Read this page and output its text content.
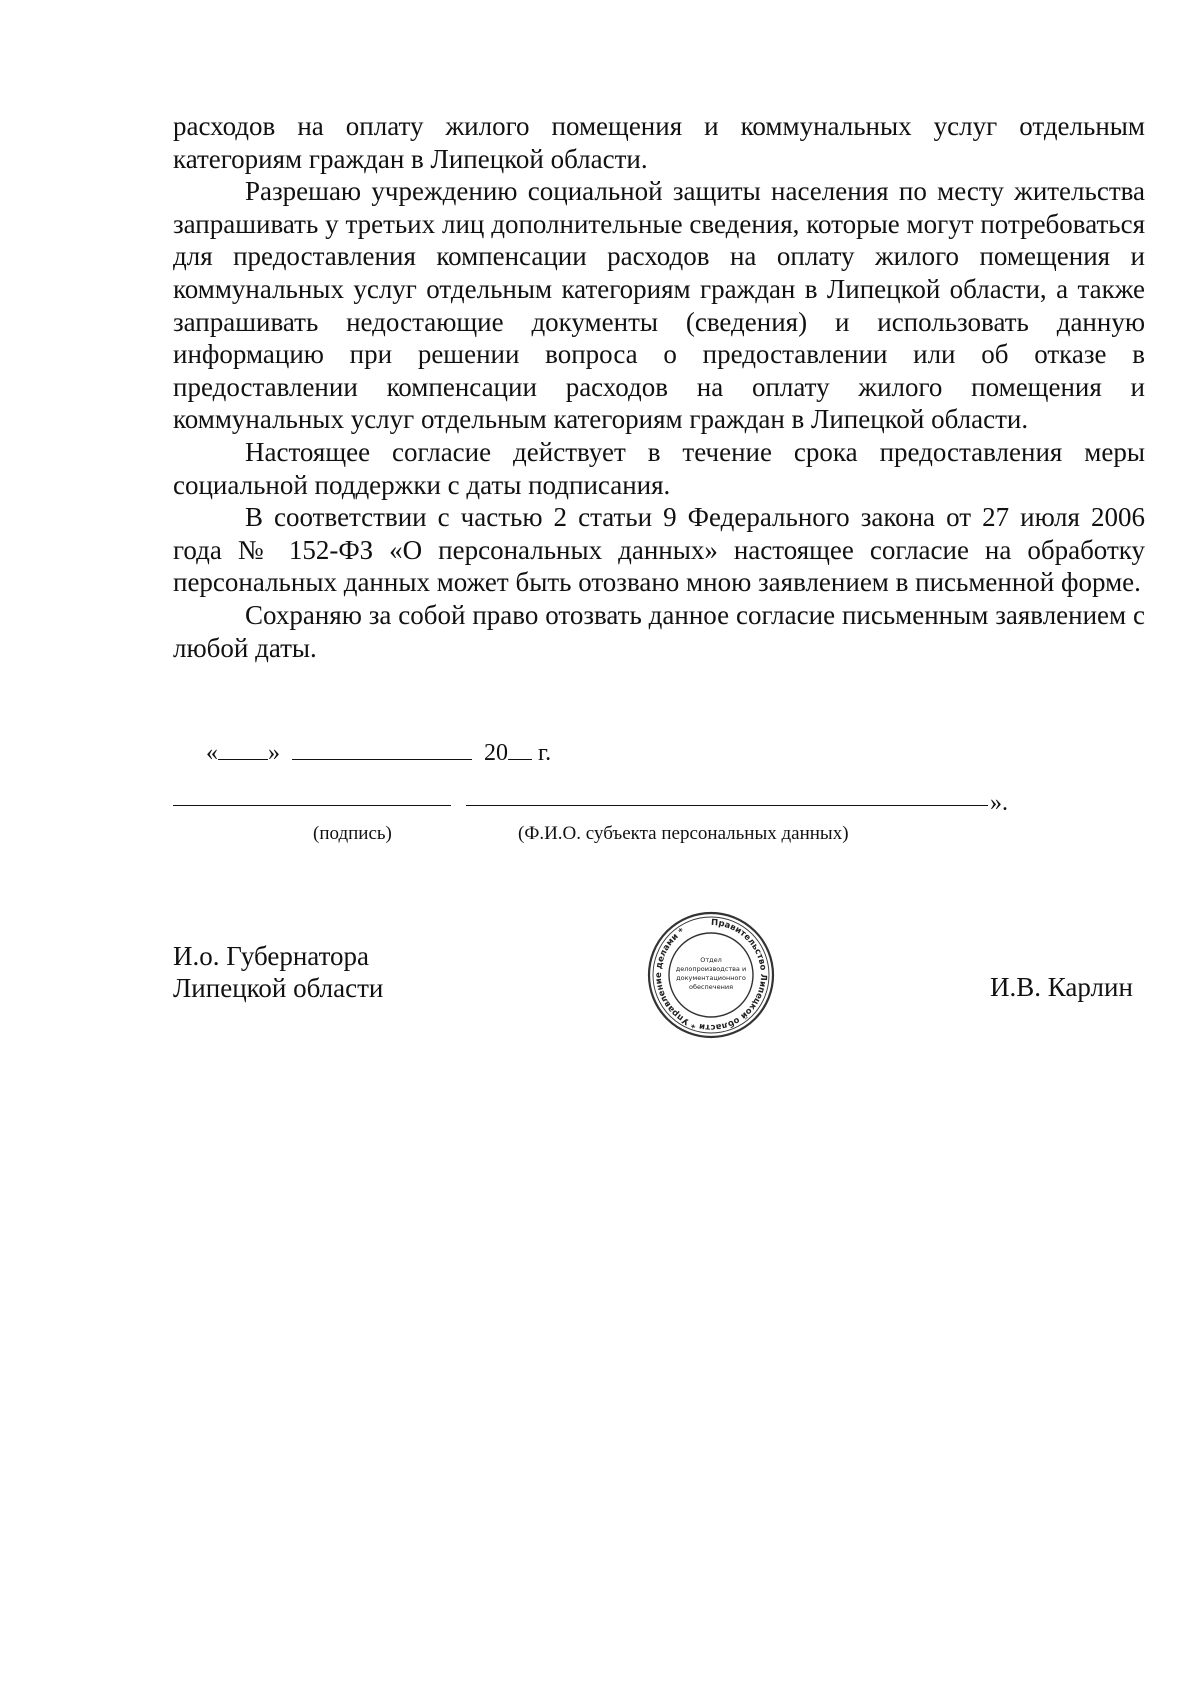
расходов на оплату жилого помещения и коммунальных услуг отдельным категориям граждан в Липецкой области.

Разрешаю учреждению социальной защиты населения по месту жительства запрашивать у третьих лиц дополнительные сведения, которые могут потребоваться для предоставления компенсации расходов на оплату жилого помещения и коммунальных услуг отдельным категориям граждан в Липецкой области, а также запрашивать недостающие документы (сведения) и использовать данную информацию при решении вопроса о предоставлении или об отказе в предоставлении компенсации расходов на оплату жилого помещения и коммунальных услуг отдельным категориям граждан в Липецкой области.

Настоящее согласие действует в течение срока предоставления меры социальной поддержки с даты подписания.

В соответствии с частью 2 статьи 9 Федерального закона от 27 июля 2006 года № 152-ФЗ «О персональных данных» настоящее согласие на обработку персональных данных может быть отозвано мною заявлением в письменной форме.

Сохраняю за собой право отозвать данное согласие письменным заявлением с любой даты.

« »	20 г.
».
(подпись)	(Ф.И.О. субъекта персональных данных)
И.о. Губернатора
Липецкой области	И.В. Карлин
Правительство Липецкой области * Управление делами *
Отдел
делопроизводства и
документационного
обеспечения
